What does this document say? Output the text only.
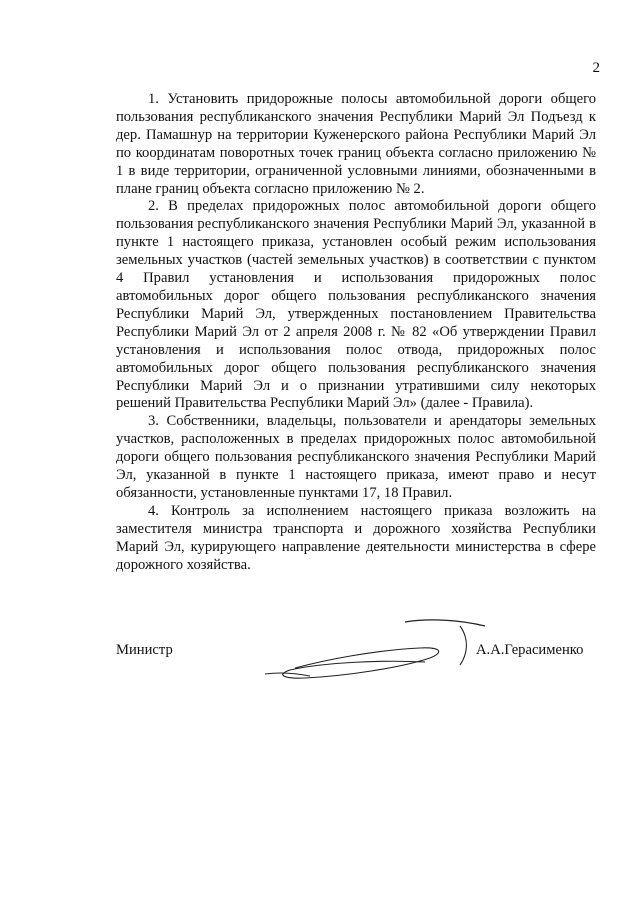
2

1. Установить придорожные полосы автомобильной дороги общего пользования республиканского значения Республики Марий Эл Подъезд к дер. Памашнур на территории Куженерского района Республики Марий Эл по координатам поворотных точек границ объекта согласно приложению № 1 в виде территории, ограниченной условными линиями, обозначенными в плане границ объекта согласно приложению № 2.

2. В пределах придорожных полос автомобильной дороги общего пользования республиканского значения Республики Марий Эл, указанной в пункте 1 настоящего приказа, установлен особый режим использования земельных участков (частей земельных участков) в соответствии с пунктом 4 Правил установления и использования придорожных полос автомобильных дорог общего пользования республиканского значения Республики Марий Эл, утвержденных постановлением Правительства Республики Марий Эл от 2 апреля 2008 г. № 82 «Об утверждении Правил установления и использования полос отвода, придорожных полос автомобильных дорог общего пользования республиканского значения Республики Марий Эл и о признании утратившими силу некоторых решений Правительства Республики Марий Эл» (далее - Правила).

3. Собственники, владельцы, пользователи и арендаторы земельных участков, расположенных в пределах придорожных полос автомобильной дороги общего пользования республиканского значения Республики Марий Эл, указанной в пункте 1 настоящего приказа, имеют право и несут обязанности, установленные пунктами 17, 18 Правил.

4. Контроль за исполнением настоящего приказа возложить на заместителя министра транспорта и дорожного хозяйства Республики Марий Эл, курирующего направление деятельности министерства в сфере дорожного хозяйства.

Министр	А.А.Герасименко
